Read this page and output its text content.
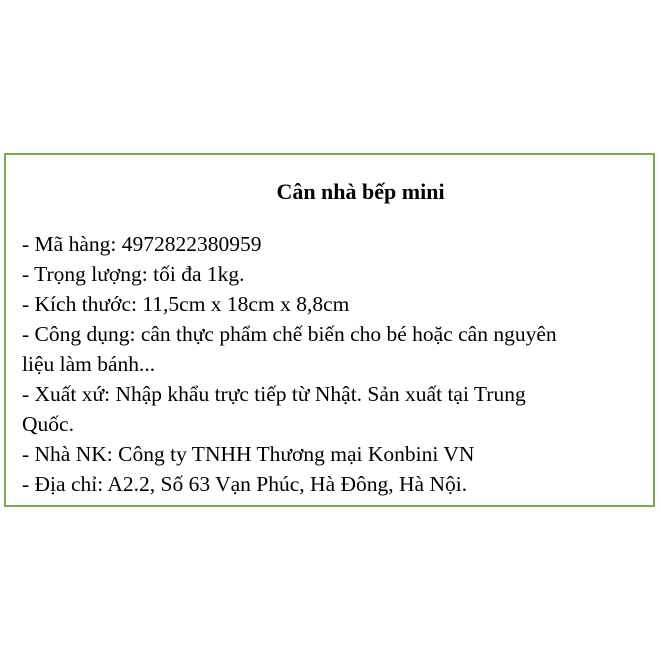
Cân nhà bếp mini
- Mã hàng: 4972822380959
- Trọng lượng: tối đa 1kg.
- Kích thước: 11,5cm x 18cm x 8,8cm
- Công dụng: cân thực phẩm chế biến cho bé hoặc cân nguyên
liệu làm bánh...
- Xuất xứ: Nhập khẩu trực tiếp từ Nhật. Sản xuất tại Trung
Quốc.
- Nhà NK: Công ty TNHH Thương mại Konbini VN
- Địa chỉ: A2.2, Số 63 Vạn Phúc, Hà Đông, Hà Nội.
